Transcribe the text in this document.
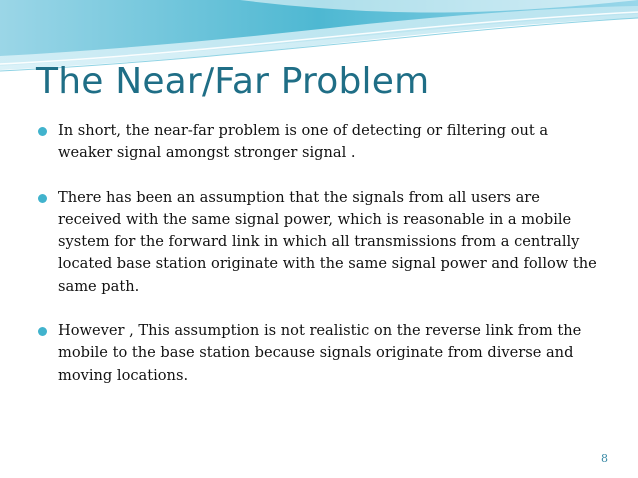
The Near/Far Problem
In short, the near-far problem is one of detecting or filtering out a weaker signal amongst stronger signal .
There has been an assumption that the signals from all users are received with the same signal power, which is reasonable in a mobile system for the forward link in which all transmissions from a centrally located base station originate with the same signal power and follow the same path.
However , This assumption is not realistic on the reverse link from the mobile to the base station because signals originate from diverse and moving locations.
8
